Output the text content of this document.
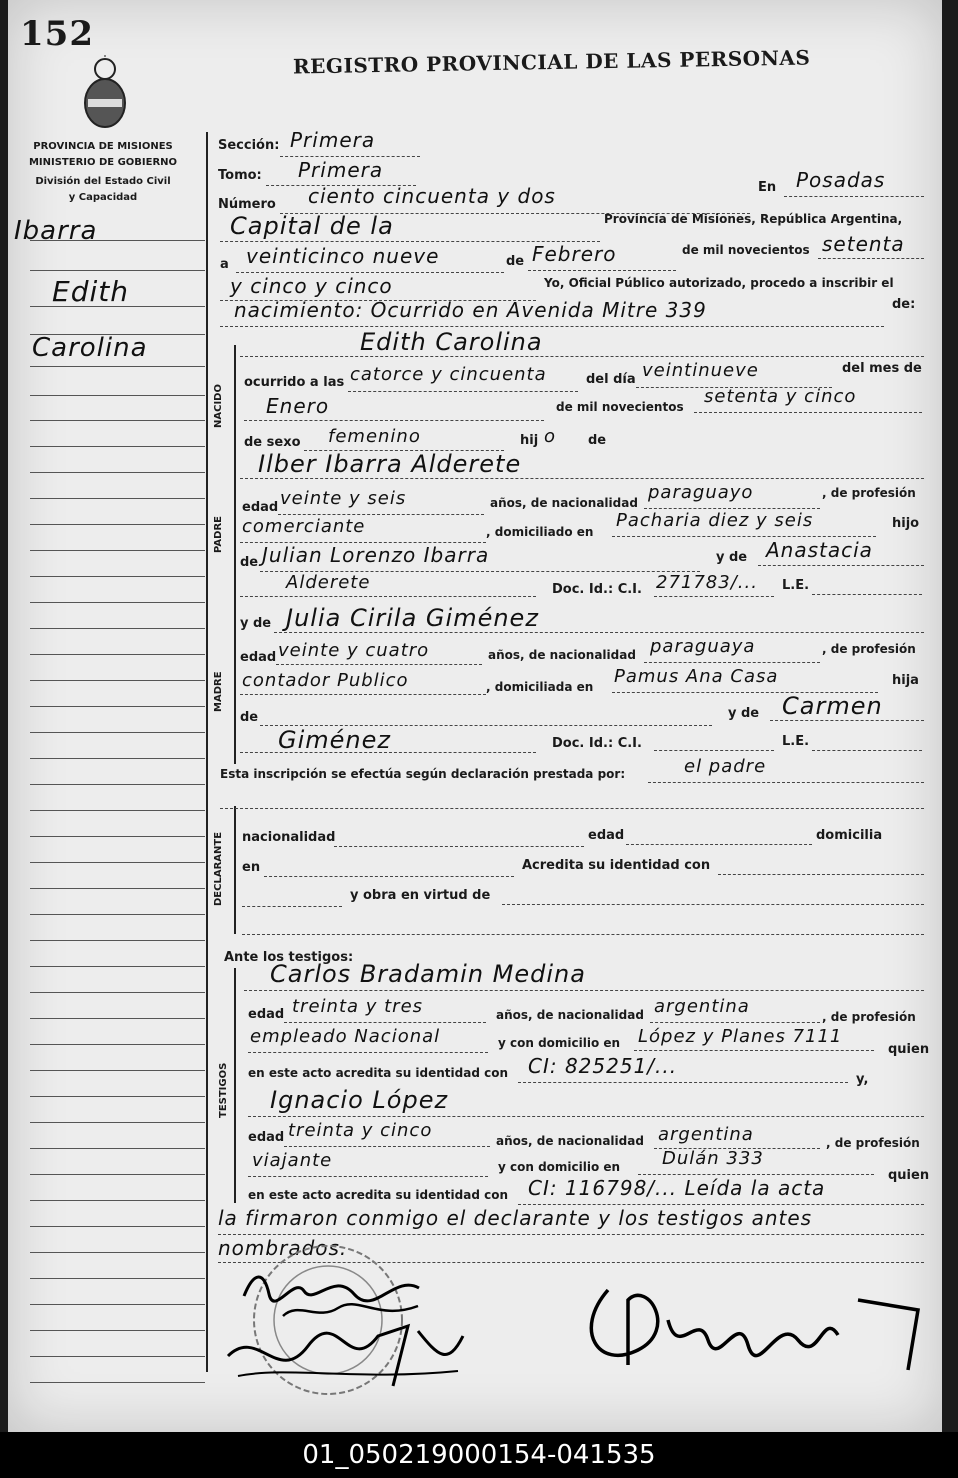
152
REGISTRO PROVINCIAL DE LAS PERSONAS
PROVINCIA DE MISIONES
MINISTERIO DE GOBIERNO
División del Estado Civil
y Capacidad
Ibarra
Edith
Carolina
NACIDO
PADRE
MADRE
DECLARANTE
TESTIGOS
Sección: Primera
Tomo: Primera
Número ciento cincuenta y dos	En Posadas
Capital de la	Provincia de Misiones, República Argentina,
a veinticinco nueve	de Febrero	de mil novecientos setenta
y cinco y cinco	Yo, Oficial Público autorizado, procedo a inscribir el
nacimiento: Ocurrido en Avenida Mitre 339	de:
Edith Carolina
ocurrido a las catorce y cincuenta	del día veintinueve	del mes de
Enero	de mil novecientos setenta y cinco
de sexo femenino	hij o de
Ilber Ibarra Alderete
edad veinte y seis	años, de nacionalidad paraguayo	, de profesión
comerciante	, domiciliado en
Pacharia diez y seis	hijo
de Julian Lorenzo Ibarra	y de Anastacia
Alderete	Doc. Id.: C.I. 271783/... L.E.
y de Julia Cirila Giménez
edad veinte y cuatro	años, de nacionalidad paraguaya	, de profesión
contador Publico	, domiciliada en Pamus Ana Casa	hija
de	y de Carmen
Giménez	Doc. Id.: C.I.	L.E.
Esta inscripción se efectúa según declaración prestada por:	el padre
nacionalidad	edad	domicilia
en	Acredita su identidad con
y obra en virtud de
Ante los testigos:
Carlos Bradamin Medina
edad treinta y tres	años, de nacionalidad argentina	, de profesión
empleado Nacional	y con domicilio en López y Planes 7111
quien
en este acto acredita su identidad con CI: 825251/...
y,
Ignacio López
edad treinta y cinco	años, de nacionalidad argentina	, de profesión
viajante	y con domicilio en Dulán 333
quien
en este acto acredita su identidad con CI: 116798/... Leída la acta
la firmaron conmigo el declarante y los testigos antes
nombrados.
01_050219000154-041535
